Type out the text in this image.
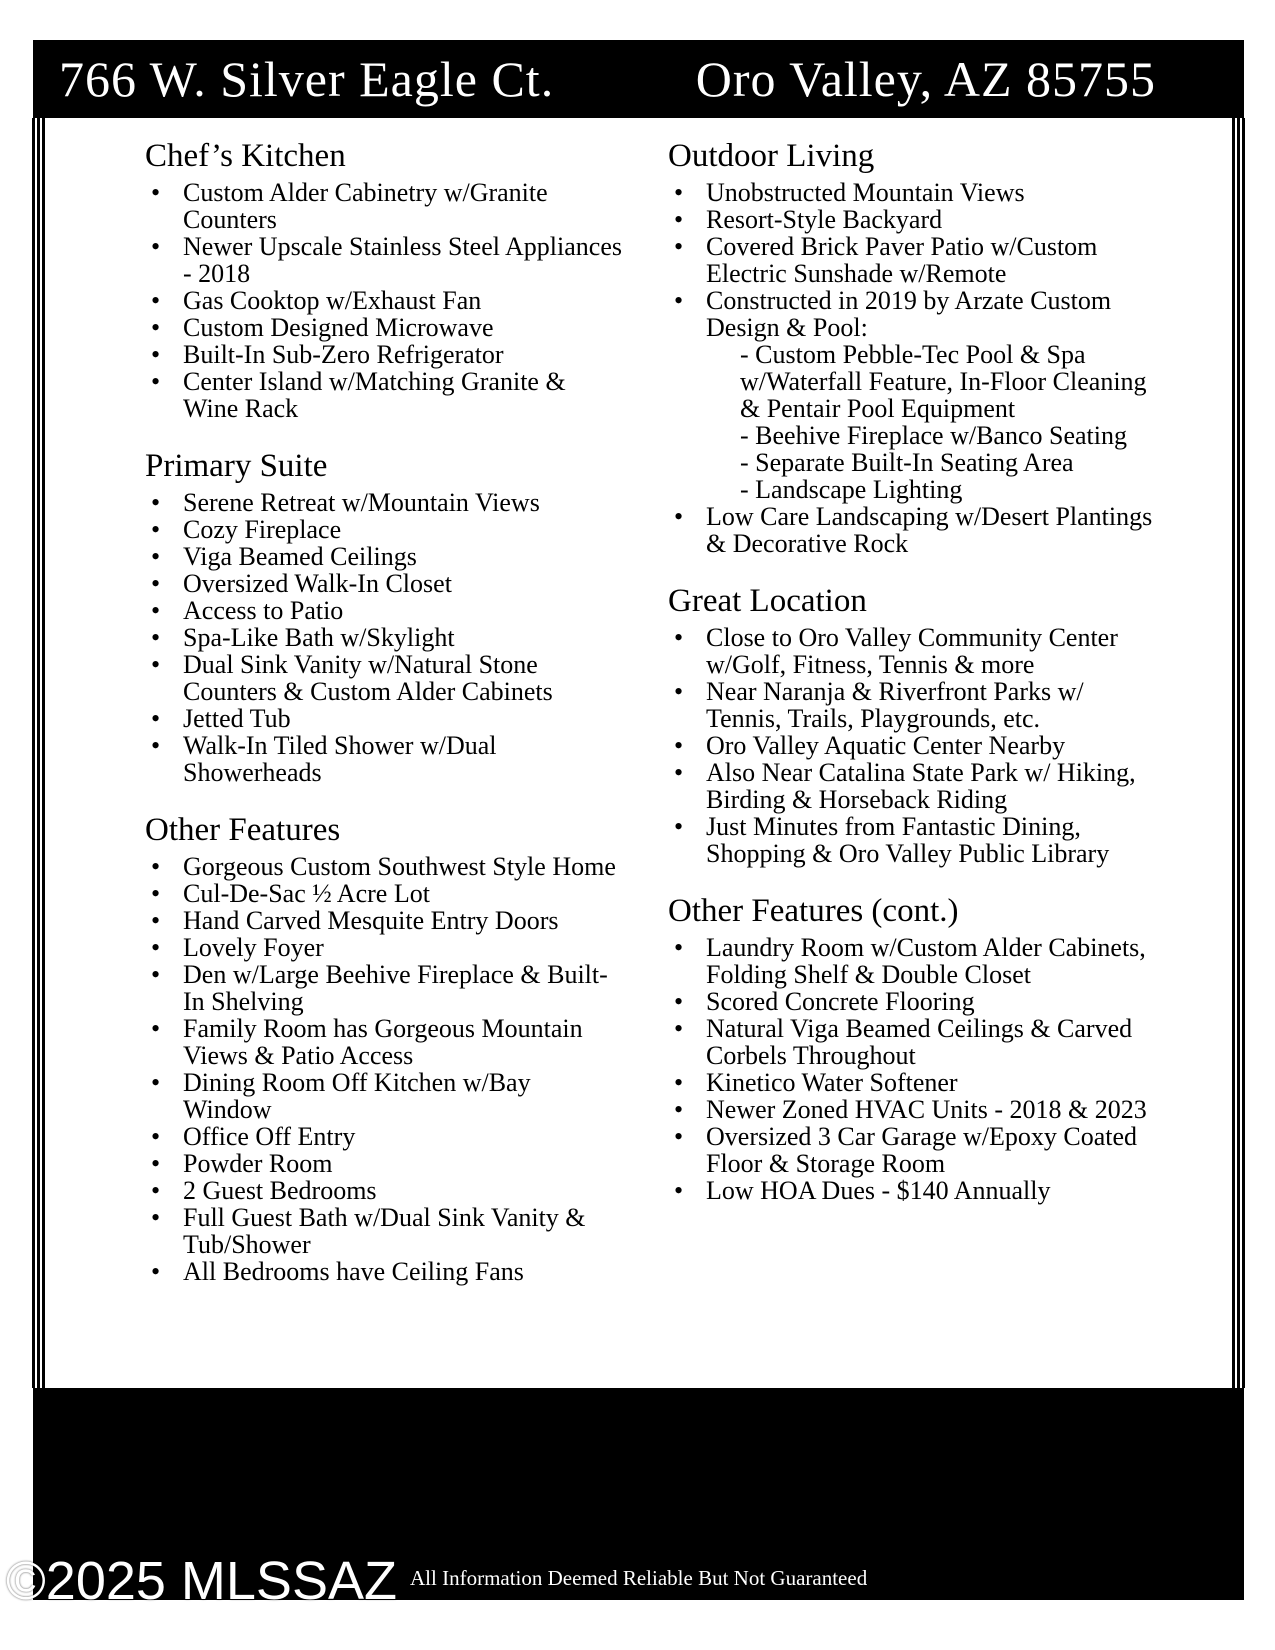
766 W. Silver Eagle Ct.	Oro Valley, AZ 85755
Chef’s Kitchen
• Custom Alder Cabinetry w/Granite Counters
• Newer Upscale Stainless Steel Appliances - 2018
• Gas Cooktop w/Exhaust Fan
• Custom Designed Microwave
• Built-In Sub-Zero Refrigerator
• Center Island w/Matching Granite & Wine Rack
Primary Suite
• Serene Retreat w/Mountain Views
• Cozy Fireplace
• Viga Beamed Ceilings
• Oversized Walk-In Closet
• Access to Patio
• Spa-Like Bath w/Skylight
• Dual Sink Vanity w/Natural Stone Counters & Custom Alder Cabinets
• Jetted Tub
• Walk-In Tiled Shower w/Dual Showerheads
Other Features
• Gorgeous Custom Southwest Style Home
• Cul-De-Sac ½ Acre Lot
• Hand Carved Mesquite Entry Doors
• Lovely Foyer
• Den w/Large Beehive Fireplace & Built-In Shelving
• Family Room has Gorgeous Mountain Views & Patio Access
• Dining Room Off Kitchen w/Bay Window
• Office Off Entry
• Powder Room
• 2 Guest Bedrooms
• Full Guest Bath w/Dual Sink Vanity & Tub/Shower
• All Bedrooms have Ceiling Fans
Outdoor Living
• Unobstructed Mountain Views
• Resort-Style Backyard
• Covered Brick Paver Patio w/Custom Electric Sunshade w/Remote
• Constructed in 2019 by Arzate Custom Design & Pool:
- Custom Pebble-Tec Pool & Spa w/Waterfall Feature, In-Floor Cleaning & Pentair Pool Equipment
- Beehive Fireplace w/Banco Seating
- Separate Built-In Seating Area
- Landscape Lighting
• Low Care Landscaping w/Desert Plantings & Decorative Rock
Great Location
• Close to Oro Valley Community Center w/Golf, Fitness, Tennis & more
• Near Naranja & Riverfront Parks w/ Tennis, Trails, Playgrounds, etc.
• Oro Valley Aquatic Center Nearby
• Also Near Catalina State Park w/ Hiking, Birding & Horseback Riding
• Just Minutes from Fantastic Dining, Shopping & Oro Valley Public Library
Other Features (cont.)
• Laundry Room w/Custom Alder Cabinets, Folding Shelf & Double Closet
• Scored Concrete Flooring
• Natural Viga Beamed Ceilings & Carved Corbels Throughout
• Kinetico Water Softener
• Newer Zoned HVAC Units - 2018 & 2023
• Oversized 3 Car Garage w/Epoxy Coated Floor & Storage Room
• Low HOA Dues - $140 Annually

©2025 MLSSAZ All Information Deemed Reliable But Not Guaranteed
